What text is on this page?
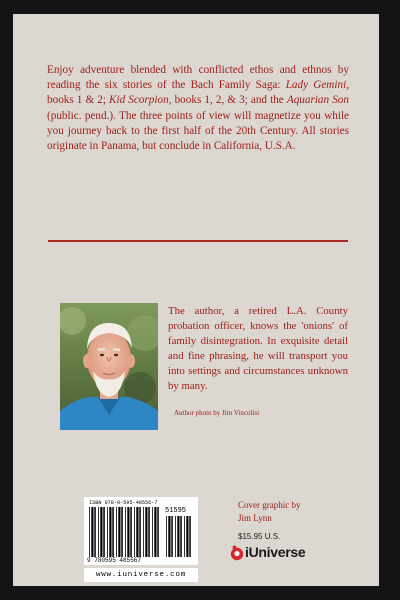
Enjoy adventure blended with conflicted ethos and ethnos by reading the six stories of the Bach Family Saga: Lady Gemini, books 1 & 2; Kid Scorpion, books 1, 2, & 3; and the Aquarian Son (public. pend.). The three points of view will magnetize you while you journey back to the first half of the 20th Century. All stories originate in Panama, but conclude in California, U.S.A.

The author, a retired L.A. County probation officer, knows the 'onions' of family disintegration. In exquisite detail and fine phrasing, he will transport you into settings and circumstances unknown by many.

Author photo by Jim Vincolisi
ISBN 978-0-595-48556-7
51595
9 780595 485567
www.iuniverse.com
Cover graphic by
Jim Lynn
$15.95 U.S.
iUniverse
